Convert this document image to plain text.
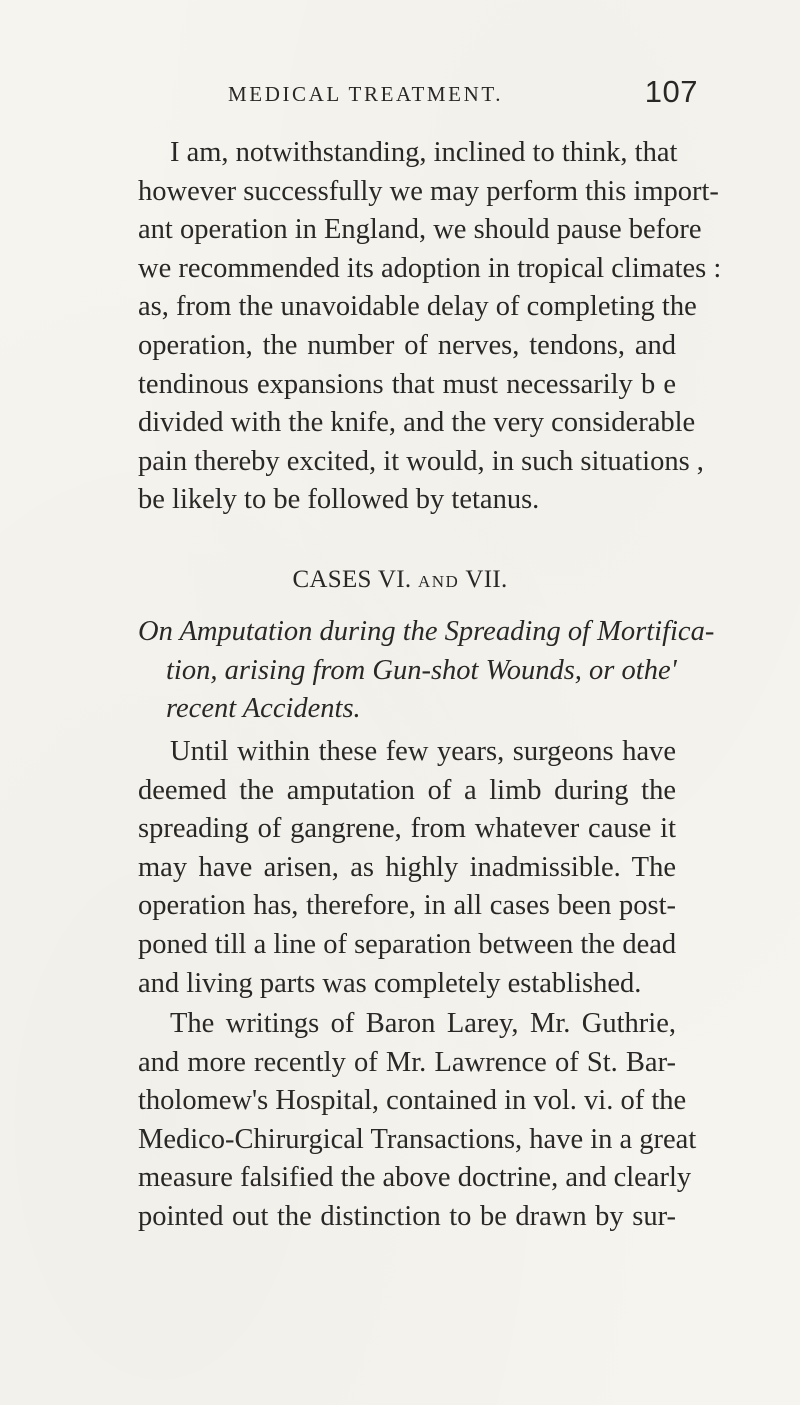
MEDICAL TREATMENT.	107
I am, notwithstanding, inclined to think, that
however successfully we may perform this import-
ant operation in England, we should pause before
we recommended its adoption in tropical climates :
as, from the unavoidable delay of completing the
operation, the number of nerves, tendons, and
tendinous expansions that must necessarily b e
divided with the knife, and the very considerable
pain thereby excited, it would, in such situations ,
be likely to be followed by tetanus.
CASES VI. AND VII.
On Amputation during the Spreading of Mortifica-
tion, arising from Gun-shot Wounds, or othe'
recent Accidents.
Until within these few years, surgeons have
deemed the amputation of a limb during the
spreading of gangrene, from whatever cause it
may have arisen, as highly inadmissible. The
operation has, therefore, in all cases been post-
poned till a line of separation between the dead
and living parts was completely established.
The writings of Baron Larey, Mr. Guthrie,
and more recently of Mr. Lawrence of St. Bar-
tholomew's Hospital, contained in vol. vi. of the
Medico-Chirurgical Transactions, have in a great
measure falsified the above doctrine, and clearly
pointed out the distinction to be drawn by sur-
